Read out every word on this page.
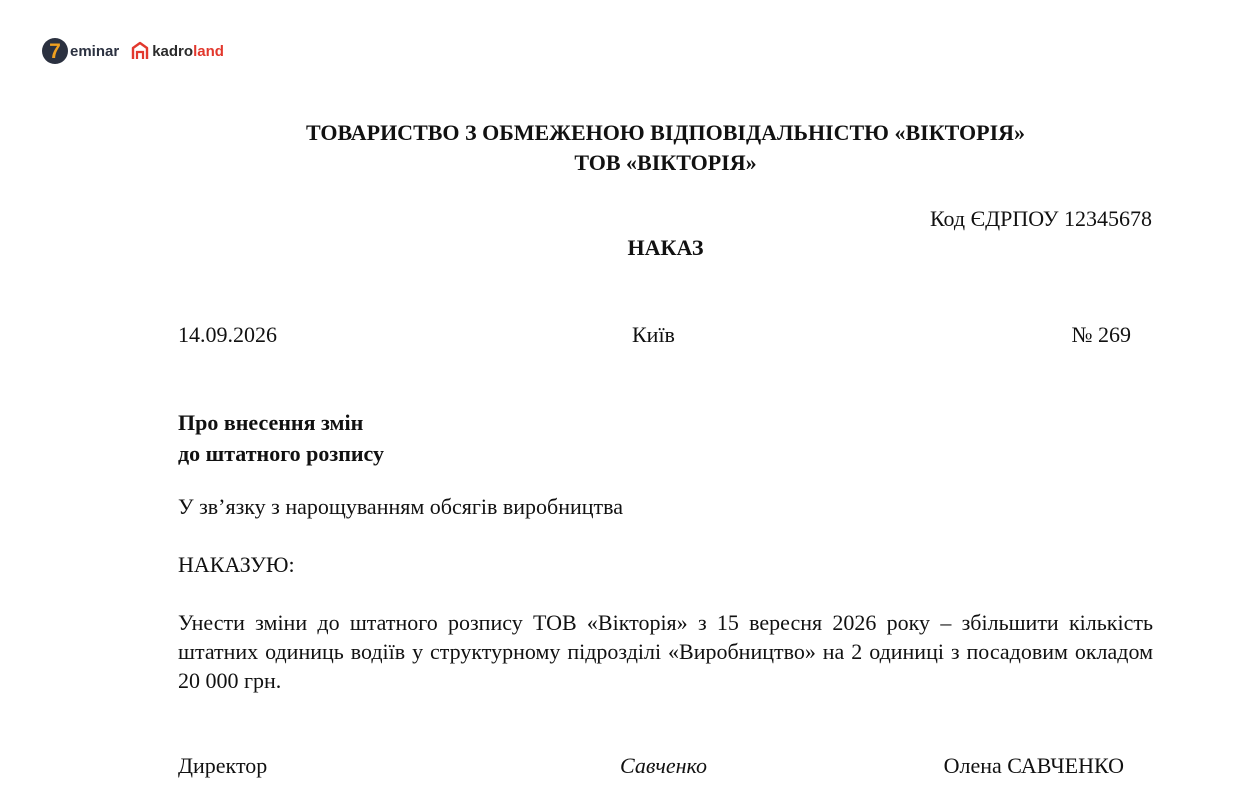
7 eminar kadroland
ТОВАРИСТВО З ОБМЕЖЕНОЮ ВІДПОВІДАЛЬНІСТЮ «ВІКТОРІЯ»
ТОВ «ВІКТОРІЯ»
Код ЄДРПОУ 12345678
НАКАЗ
14.09.2026	Київ	№ 269
Про внесення змін
до штатного розпису
У зв’язку з нарощуванням обсягів виробництва
НАКАЗУЮ:
Унести зміни до штатного розпису ТОВ «Вікторія» з 15 вересня 2026 року – збільшити кількість штатних одиниць водіїв у структурному підрозділі «Виробництво» на 2 одиниці з посадовим окладом 20 000 грн.
Директор	Савченко	Олена САВЧЕНКО
